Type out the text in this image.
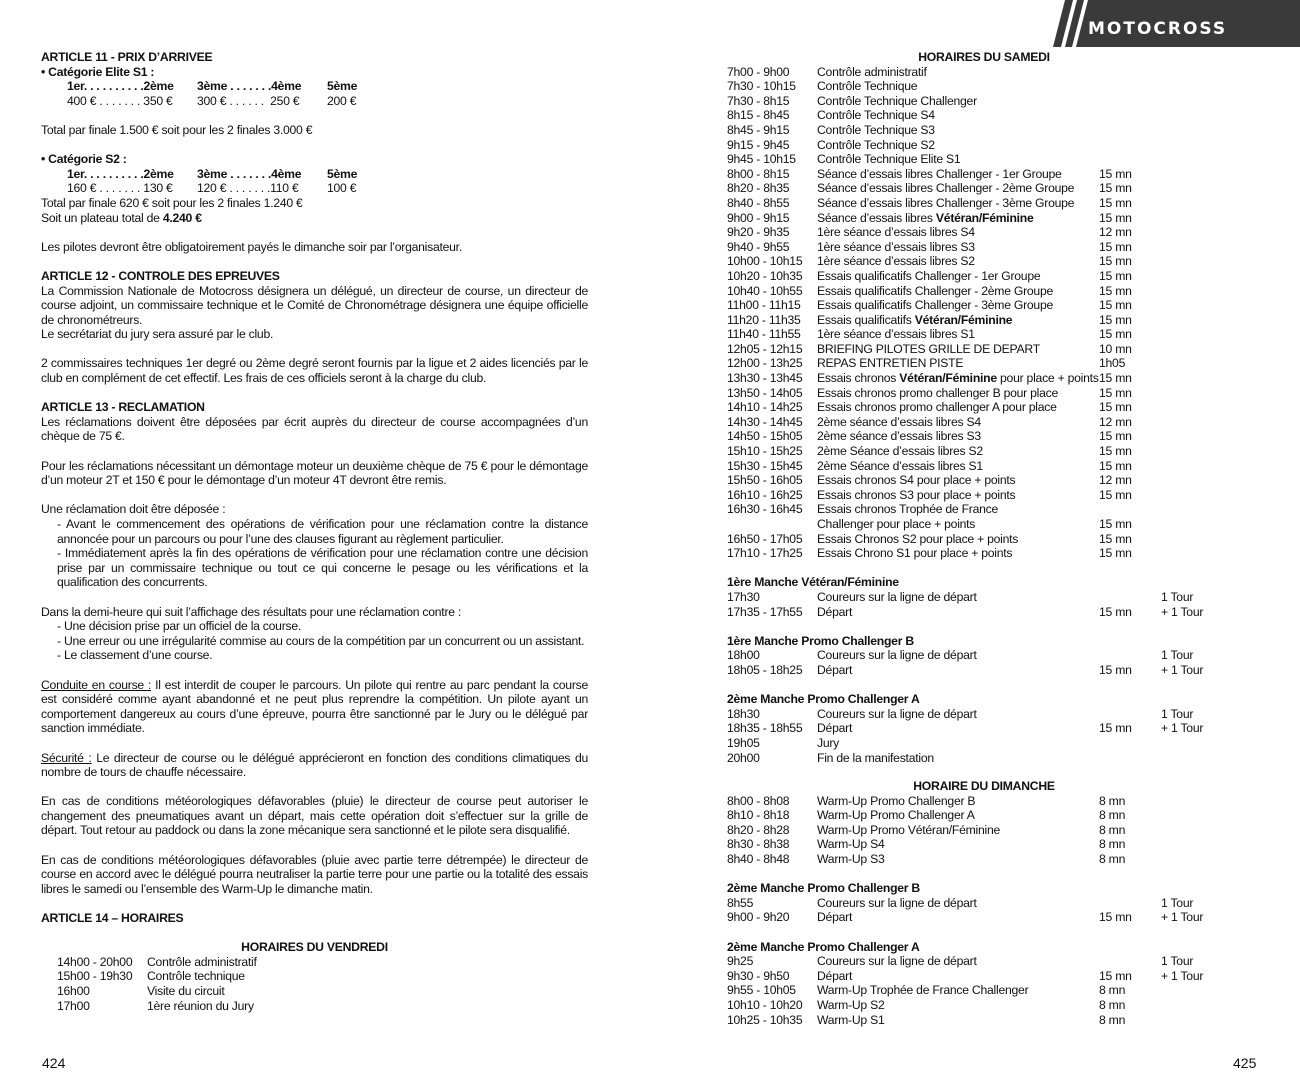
ARTICLE 11 - PRIX D’ARRIVEE
• Catégorie Elite S1 :
1er. . . . . . . . . .2ème	3ème . . . . . . .4ème	5ème
400 € . . . . . . . 350 €	300 € . . . . . .  250 €	200 €

Total par finale 1.500 € soit pour les 2 finales 3.000 €

• Catégorie S2 :
1er. . . . . . . . . .2ème	3ème . . . . . . .4ème	5ème
160 € . . . . . . . 130 €	120 € . . . . . . .110 €	100 €

Total par finale 620 € soit pour les 2 finales 1.240 €

Soit un plateau total de 4.240 €

Les pilotes devront être obligatoirement payés le dimanche soir par l’organisateur.

ARTICLE 12 - CONTROLE DES EPREUVES

La Commission Nationale de Motocross désignera un délégué, un directeur de course, un directeur de course adjoint, un commissaire technique et le Comité de Chronométrage désignera une équipe officielle de chronométreurs.

Le secrétariat du jury sera assuré par le club.

2 commissaires techniques 1er degré ou 2ème degré seront fournis par la ligue et 2 aides licenciés par le club en complément de cet effectif. Les frais de ces officiels seront à la charge du club.

ARTICLE 13 - RECLAMATION

Les réclamations doivent être déposées par écrit auprès du directeur de course accompagnées d’un chèque de 75 €.

Pour les réclamations nécessitant un démontage moteur un deuxième chèque de 75 € pour le démontage d’un moteur 2T et 150 € pour le démontage d’un moteur 4T devront être remis.

Une réclamation doit être déposée :

- Avant le commencement des opérations de vérification pour une réclamation contre la distance annoncée pour un parcours ou pour l’une des clauses figurant au règlement particulier.

- Immédiatement après la fin des opérations de vérification pour une réclamation contre une décision prise par un commissaire technique ou tout ce qui concerne le pesage ou les vérifications et la qualification des concurrents.

Dans la demi-heure qui suit l’affichage des résultats pour une réclamation contre :

- Une décision prise par un officiel de la course.

- Une erreur ou une irrégularité commise au cours de la compétition par un concurrent ou un assistant.

- Le classement d’une course.

Conduite en course : Il est interdit de couper le parcours. Un pilote qui rentre au parc pendant la course est considéré comme ayant abandonné et ne peut plus reprendre la compétition. Un pilote ayant un comportement dangereux au cours d’une épreuve, pourra être sanctionné par le Jury ou le délégué par sanction immédiate.

Sécurité : Le directeur de course ou le délégué apprécieront en fonction des conditions climatiques du nombre de tours de chauffe nécessaire.

En cas de conditions météorologiques défavorables (pluie) le directeur de course peut autoriser le changement des pneumatiques avant un départ, mais cette opération doit s’effectuer sur la grille de départ. Tout retour au paddock ou dans la zone mécanique sera sanctionné et le pilote sera disqualifié.

En cas de conditions météorologiques défavorables (pluie avec partie terre détrempée) le directeur de course en accord avec le délégué pourra neutraliser la partie terre pour une partie ou la totalité des essais libres le samedi ou l’ensemble des Warm-Up le dimanche matin.

ARTICLE 14 – HORAIRES
HORAIRES DU VENDREDI
14h00 - 20h00	Contrôle administratif
15h00 - 19h30	Contrôle technique
16h00	Visite du circuit
17h00	1ère réunion du Jury
424
MOTOCROSS
HORAIRES DU SAMEDI
7h00 - 9h00	Contrôle administratif
7h30 - 10h15	Contrôle Technique
7h30 - 8h15	Contrôle Technique Challenger
8h15 - 8h45	Contrôle Technique S4
8h45 - 9h15	Contrôle Technique S3
9h15 - 9h45	Contrôle Technique S2
9h45 - 10h15	Contrôle Technique Elite S1
8h00 - 8h15	Séance d’essais libres Challenger - 1er Groupe	15 mn
8h20 - 8h35	Séance d’essais libres Challenger - 2ème Groupe	15 mn
8h40 - 8h55	Séance d’essais libres Challenger - 3ème Groupe	15 mn
9h00 - 9h15	Séance d’essais libres Vétéran/Féminine	15 mn
9h20 - 9h35	1ère séance d’essais libres S4	12 mn
9h40 - 9h55	1ère séance d’essais libres S3	15 mn
10h00 - 10h15	1ère séance d’essais libres S2	15 mn
10h20 - 10h35	Essais qualificatifs Challenger - 1er Groupe	15 mn
10h40 - 10h55	Essais qualificatifs Challenger - 2ème Groupe	15 mn
11h00 - 11h15	Essais qualificatifs Challenger - 3ème Groupe	15 mn
11h20 - 11h35	Essais qualificatifs Vétéran/Féminine	15 mn
11h40 - 11h55	1ère séance d’essais libres S1	15 mn
12h05 - 12h15	BRIEFING PILOTES GRILLE DE DEPART	10 mn
12h00 - 13h25	REPAS ENTRETIEN PISTE	1h05
13h30 - 13h45	Essais chronos Vétéran/Féminine pour place + points 15 mn
13h50 - 14h05	Essais chronos promo challenger B pour place	15 mn
14h10 - 14h25	Essais chronos promo challenger A pour place	15 mn
14h30 - 14h45	2ème séance d’essais libres S4	12 mn
14h50 - 15h05	2ème séance d’essais libres S3	15 mn
15h10 - 15h25	2ème Séance d’essais libres S2	15 mn
15h30 - 15h45	2ème Séance d’essais libres S1	15 mn
15h50 - 16h05	Essais chronos S4 pour place + points	12 mn
16h10 - 16h25	Essais chronos S3 pour place + points	15 mn
16h30 - 16h45	Essais chronos Trophée de France
Challenger pour place + points	15 mn
16h50 - 17h05	Essais Chronos S2 pour place + points	15 mn
17h10 - 17h25	Essais Chrono S1 pour place + points	15 mn
1ère Manche Vétéran/Féminine
17h30	Coureurs sur la ligne de départ	1 Tour
17h35 - 17h55	Départ	15 mn	+ 1 Tour
1ère Manche Promo Challenger B
18h00	Coureurs sur la ligne de départ	1 Tour
18h05 - 18h25	Départ	15 mn	+ 1 Tour
2ème Manche Promo Challenger A
18h30	Coureurs sur la ligne de départ	1 Tour
18h35 - 18h55	Départ	15 mn	+ 1 Tour
19h05	Jury
20h00	Fin de la manifestation
HORAIRE DU DIMANCHE
8h00 - 8h08	Warm-Up Promo Challenger B	8 mn
8h10 - 8h18	Warm-Up Promo Challenger A	8 mn
8h20 - 8h28	Warm-Up Promo Vétéran/Féminine	8 mn
8h30 - 8h38	Warm-Up S4	8 mn
8h40 - 8h48	Warm-Up S3	8 mn
2ème Manche Promo Challenger B
8h55	Coureurs sur la ligne de départ	1 Tour
9h00 - 9h20	Départ	15 mn	+ 1 Tour
2ème Manche Promo Challenger A
9h25	Coureurs sur la ligne de départ	1 Tour
9h30 - 9h50	Départ	15 mn	+ 1 Tour
9h55 - 10h05	Warm-Up Trophée de France Challenger	8 mn
10h10 - 10h20	Warm-Up S2	8 mn
10h25 - 10h35	Warm-Up S1	8 mn
425
